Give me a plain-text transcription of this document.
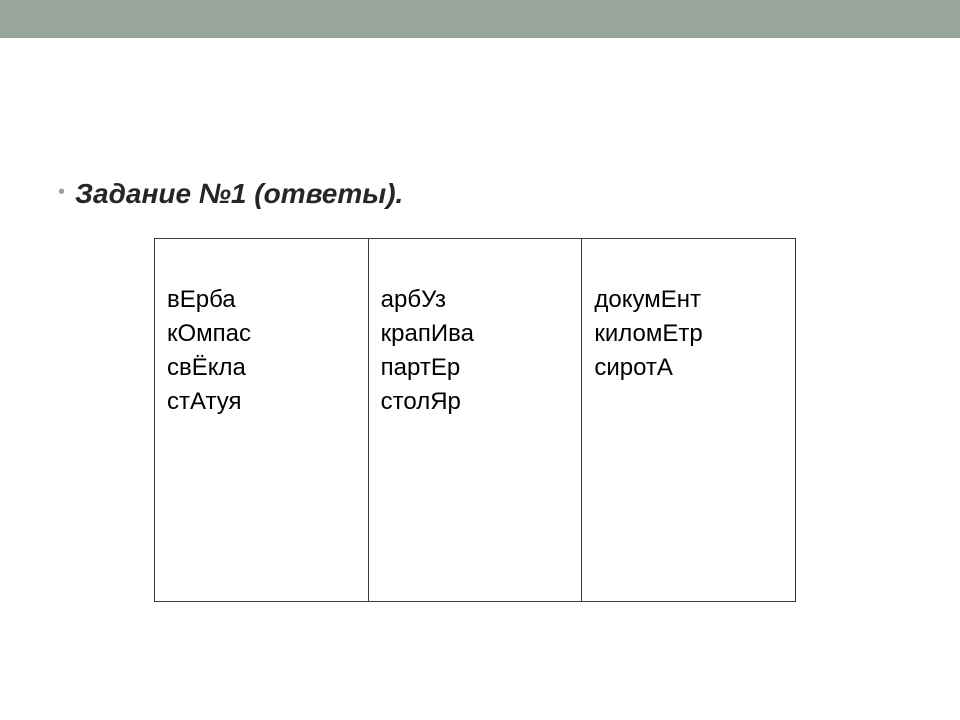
• Задание №1 (ответы).
вЕрба
кОмпас
свЁкла
стАтуя
арбУз
крапИва
партЕр
столЯр
докумЕнт
киломЕтр
сиротА
